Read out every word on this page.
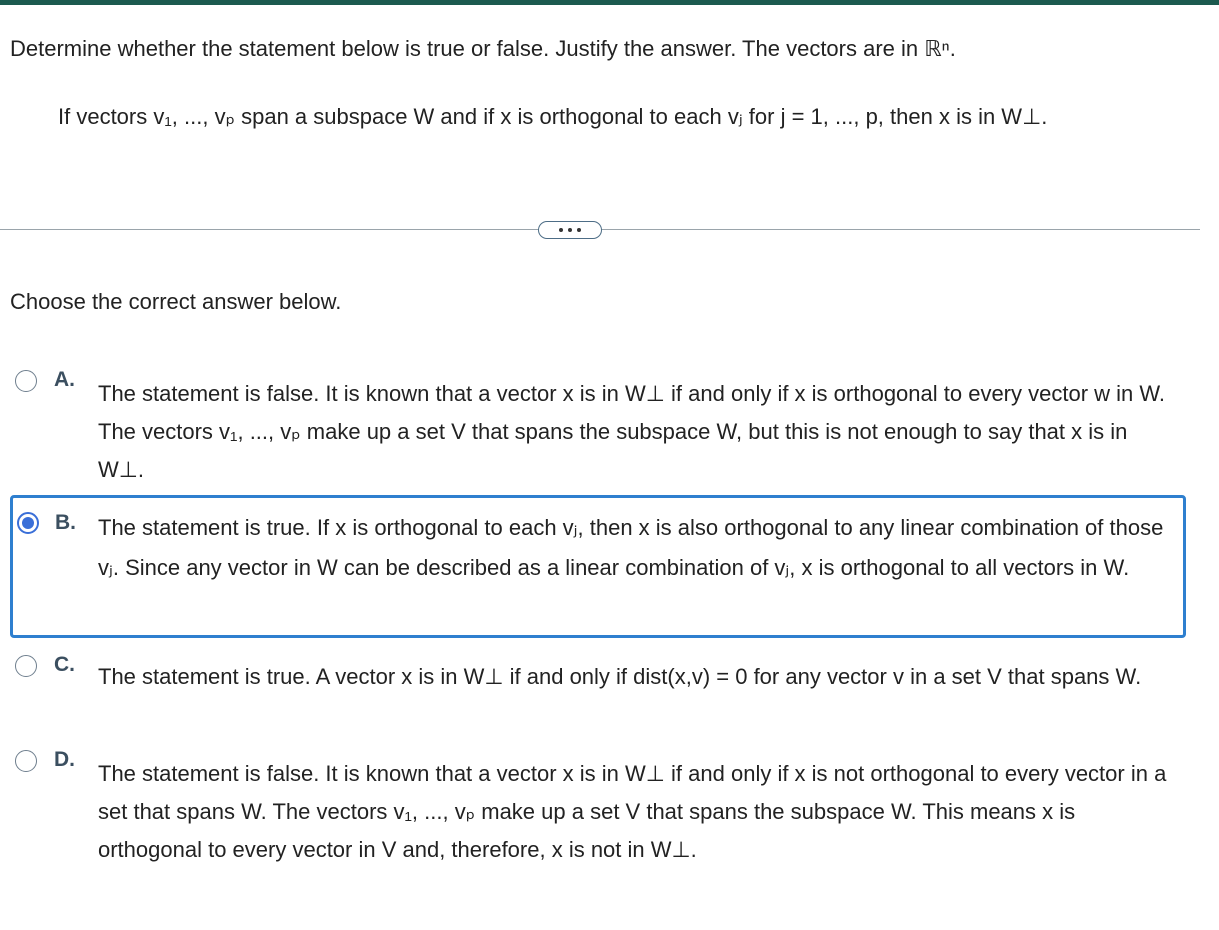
Determine whether the statement below is true or false. Justify the answer. The vectors are in ℝⁿ.
If vectors v₁, ..., vₚ span a subspace W and if x is orthogonal to each vⱼ for j = 1, ..., p, then x is in W⊥.
Choose the correct answer below.
A.
The statement is false. It is known that a vector x is in W⊥ if and only if x is orthogonal to every vector w in W. The vectors v₁, ..., vₚ make up a set V that spans the subspace W, but this is not enough to say that x is in W⊥.
B. The statement is true. If x is orthogonal to each vⱼ, then x is also orthogonal to any linear combination of those vⱼ. Since any vector in W can be described as a linear combination of vⱼ, x is orthogonal to all vectors in W.
C. The statement is true. A vector x is in W⊥ if and only if dist(x,v) = 0 for any vector v in a set V that spans W.
D.
The statement is false. It is known that a vector x is in W⊥ if and only if x is not orthogonal to every vector in a set that spans W. The vectors v₁, ..., vₚ make up a set V that spans the subspace W. This means x is orthogonal to every vector in V and, therefore, x is not in W⊥.
